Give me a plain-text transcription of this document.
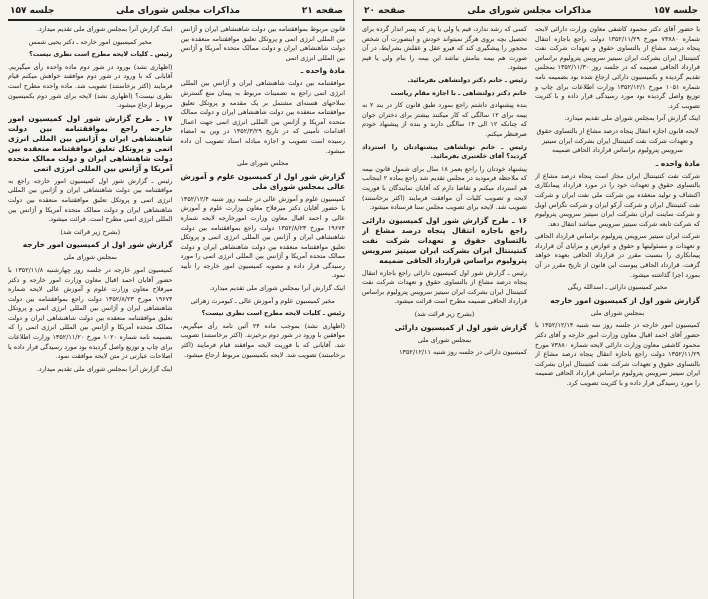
صفحه ۲۱
مذاکرات مجلس شورای ملی
جلسه ۱۵۷

قانون مربوط بموافقتنامه بین دولت شاهنشاهی ایران و آژانس بین المللی انرژی اتمی و پروتکل تعلیق موافقتنامه منعقده بین دولت شاهنشاهی ایران و دولت ممالک متحده آمریکا و آژانس بین المللی انرژی اتمی

مادهٔ واحده ـ

موافقتنامه بین دولت شاهنشاهی ایران و آژانس بین المللی انرژی اتمی راجع به تضمینات مربوط به پیمان منع گسترش سلاحهای هسته‌ای مشتمل بر یک مقدمه و پروتکل تعلیق موافقتنامه منعقده بین دولت شاهنشاهی ایران و دولت ممالک متحده آمریکا و آژانس بین المللی انرژی اتمی جهت اعمال اقدامات تأمینی که در تاریخ ۱۳۵۲/۳/۲۹ در وین به امضاء رسیده است تصویب و اجازه مبادله اسناد تصویب آن داده میشود.

مجلس شورای ملی

گزارش شور اول از کمیسیون علوم و آموزش عالی بمجلس شورای ملی

کمیسیون علوم و آموزش عالی در جلسه روز شنبه ۱۳۵۲/۱۲/۴ با حضور آقایان دکتر میرفلاح معاون وزارت علوم و آموزش عالی و احمد اقبال معاون وزارت امورخارجه لایحه شماره ۱۹۶۷۴ مورخ ۱۳۵۲/۸/۲۳ دولت راجع بموافقتنامه بین دولت شاهنشاهی ایران و آژانس بین المللی انرژی اتمی و پروتکل تعلیق موافقتنامه منعقده بین دولت شاهنشاهی ایران و دولت ممالک متحده آمریکا و آژانس بین المللی انرژی اتمی را مورد رسیدگی قرار داده و مصوبه کمیسیون امور خارجه را تأیید نمود.

اینک گزارش آنرا بمجلس شورای ملی تقدیم میدارد.

مخبر کمیسیون علوم و آموزش عالی ـ کیومرث زهرائی

رئیس ـ کلیات لایحه مطرح است نظری نیست؟

(اظهاری نشد) بموجب ماده ۲۴ آئین نامه رأی میگیریم، موافقین با ورود در شور دوم برخیزند. (اکثر برخاستند) تصویب شد. آقایانی که با فوریت لایحه موافقند قیام فرمایند (اکثر برخاستند) تصویب شد. لایحه بکمیسیون مربوط ارجاع میشود.

اینک گزارش آنرا بمجلس شورای ملی تقدیم میدارد.

مخبر کمیسیون امور خارجه ـ دکتر یحیی شمس

رئیس ـ کلیات لایحه مطرح است نظری نیست؟

(اظهاری نشد) بورود در شور دوم ماده واحده رأی میگیریم. آقایانی که با ورود در شور دوم موافقند خواهش میکنم قیام فرمایند (اکثر برخاستند) تصویب شد. ماده واحده مطرح است نظری نیست؟ (اظهاری نشد) لایحه برای شور دوم بکمیسیون مربوط ارجاع میشود.

۱۷ ـ طرح گزارش شور اول کمیسیون امور خارجه راجع بموافقتنامه بین دولت شاهنشاهی ایران و آژانس بین المللی انرژی اتمی و پروتکل تعلیق موافقتنامه منعقده بین دولت شاهنشاهی ایران و دولت ممالک متحده آمریکا و آژانس بین المللی انرژی اتمی

رئیس ـ گزارش شور اول کمیسیون امور خارجه راجع به موافقتنامه بین دولت شاهنشاهی ایران و آژانس بین المللی انرژی اتمی و پروتکل تعلیق موافقتنامه منعقده بین دولت شاهنشاهی ایران و دولت ممالک متحده آمریکا و آژانس بین المللی انرژی اتمی مطرح است. قرائت میشود.

(بشرح زیر قرائت شد)

گزارش شور اول از کمیسیون امور خارجه

بمجلس شورای ملی

کمیسیون امور خارجه در جلسه روز چهارشنبه ۱۳۵۲/۱۱/۸ با حضور آقایان احمد اقبال معاون وزارت امور خارجه و دکتر میرفلاح معاون وزارت علوم و آموزش عالی لایحه شماره ۱۹۶۷۴ مورخ ۱۳۵۲/۸/۲۳ دولت راجع بموافقتنامه بین دولت شاهنشاهی ایران و آژانس بین المللی انرژی اتمی و پروتکل تعلیق موافقتنامه منعقده بین دولت شاهنشاهی ایران و دولت ممالک متحده آمریکا و آژانس بین المللی انرژی اتمی را که بضمیمه نامه شماره ۱۰۲۰ مورخ ۱۳۵۲/۱۱/۲۰ وزارت اطلاعات برای چاپ و توزیع واصل گردیده بود مورد رسیدگی قرار داده با اصلاحات عبارتی در متن لایحه موافقت نمود.

اینک گزارش آنرا بمجلس شورای ملی تقدیم میدارد.

جلسه ۱۵۷
مذاکرات مجلس شورای ملی
صفحه ۲۰

با حضور آقای دکتر محمود کاشفی معاون وزارت دارائی لایحه شماره ۷۳۸۸۰ مورخ ۱۳۵۲/۱۱/۲۹ دولت راجع باجازه انتقال پنجاه درصد مشاع از بالتساوی حقوق و تعهدات شرکت نفت کنتیننتال ایران بشرکت ایران سیتیز سرویس پترولیوم براساس قرارداد الحاقی ضمیمه که در جلسه روز ۱۳۵۲/۱۱/۳۰ بمجلس تقدیم گردیده و بکمیسیون دارائی ارجاع شده بود بضمیمه نامه شماره ۱۰۵۱ مورخ ۱۳۵۲/۱۲/۱ وزارت اطلاعات برای چاپ و توزیع واصل گردیده بود مورد رسیدگی قرار داده و با کثریت تصویب کرد.

اینک گزارش آنرا بمجلس شورای ملی تقدیم میدارد.

لایحه قانون اجازه انتقال پنجاه درصد مشاع از بالتساوی حقوق و تعهدات شرکت نفت کنتیننتال ایران بشرکت ایران سیتیز سرویس پترولیوم براساس قرارداد الحاقی ضمیمه

مادهٔ واحده ـ

شرکت نفت کنتیننتال ایران مجاز است پنجاه درصد مشاع از بالتساوی حقوق و تعهدات خود را در مورد قرارداد پیمانکاری اکتشاف و تولید منعقده بین شرکت ملی نفت ایران و شرکت نفت کنتیننتال ایران و شرکت آرکو ایران و شرکت تگزاس اویل و شرکت ساینت ایران بشرکت ایران سیتیز سرویس پترولیوم که شرکت تابعه شرکت سیتیز سرویس میباشد انتقال دهد.

شرکت ایران سیتیز سرویس پترولیوم براساس قرارداد الحاقی و تعهدات و مسئولیتها و حقوق و عوارض و مزایای آن قرارداد پیمانکاری را بنسبت مقرر در قرارداد الحاقی بعهده خواهد گرفت. قرارداد الحاقی پیوست این قانون از تاریخ مقرر در آن بمورد اجرا گذاشته میشود.

مخبر کمیسیون دارائی ـ اسدالله ریگی

گزارش شور اول از کمیسیون امور خارجه

بمجلس شورای ملی

کمیسیون امور خارجه در جلسه روز سه شنبه ۱۳۵۲/۱۲/۱۴ با حضور آقای احمد اقبال معاون وزارت امور خارجه و آقای دکتر محمود کاشفی معاون وزارت دارائی لایحه شماره ۷۳۸۸۰ مورخ ۱۳۵۲/۱۱/۲۹ دولت راجع باجازه انتقال پنجاه درصد مشاع از بالتساوی حقوق و تعهدات شرکت نفت کنتیننتال ایران بشرکت ایران سیتیز سرویس پترولیوم براساس قرارداد الحاقی ضمیمه را مورد رسیدگی قرار داده و با کثریت تصویب کرد.

کسی که رشد ندارد، قیم یا ولی یا پدر که پسر اندار گرده برای تحصیل بچه بروی هرگز نمیتواند خودش و اینصورت آن شخص محجور را پیشگیری کند که فیرو عقل و عقلش بشرایط، در آن صورت هم بیمه بنامش نباشد این بیمه را بنام ولی یا قیم میشود.

رئیس ـ خانم دکتر دولتشاهی بفرمائید.

خانم دکتر دولتشاهی ـ با اجازه مقام ریاست

بنده پیشنهادی داشتم راجع بمورد طبق قانون کار در بند ۲ نه بیمه برای ۱۲ سالگی که کار میکنند بیشتر برای دختران جوان که چنانکه ۱۲ الی ۱۴ سالگی دارند و بنده از پیشنهاد خودم صرفنظر میکنم.

رئیس ـ خانم توتلشاهی پیشنهادتان را استرداد کردید؟ آقای خلعتبری بفرمائید.

پیشنهاد خودتان را راجع بعمر ۱۸ سال برای شمول قانون بیمه که ملاحظه فرمودید در مجلس تقدیم شد راجع بماده ۲ اینجانب هم استرداد میکنم و تقاضا دارم که آقایان نمایندگان با فوریت لایحه و تصویب کلیات آن موافقت فرمایند (اکثر برخاستند) تصویب شد. لایحه برای تصویب مجلس سنا فرستاده میشود.

۱۶ ـ طرح گزارش شور اول کمیسیون دارائی راجع باجازه انتقال پنجاه درصد مشاع از بالتساوی حقوق و تعهدات شرکت نفت کنتیننتال ایران بشرکت ایران سیتیز سرویس پترولیوم براساس قرارداد الحاقی ضمیمه

رئیس ـ گزارش شور اول کمیسیون دارائی راجع باجازه انتقال پنجاه درصد مشاع از بالتساوی حقوق و تعهدات شرکت نفت کنتیننتال ایران بشرکت ایران سیتیز سرویس پترولیوم براساس قرارداد الحاقی ضمیمه مطرح است قرائت میشود.

(بشرح زیر قرائت شد)

گزارش شور اول از کمیسیون دارائی

بمجلس شورای ملی

کمیسیون دارائی در جلسه روز شنبه ۱۳۵۲/۱۲/۱۱
